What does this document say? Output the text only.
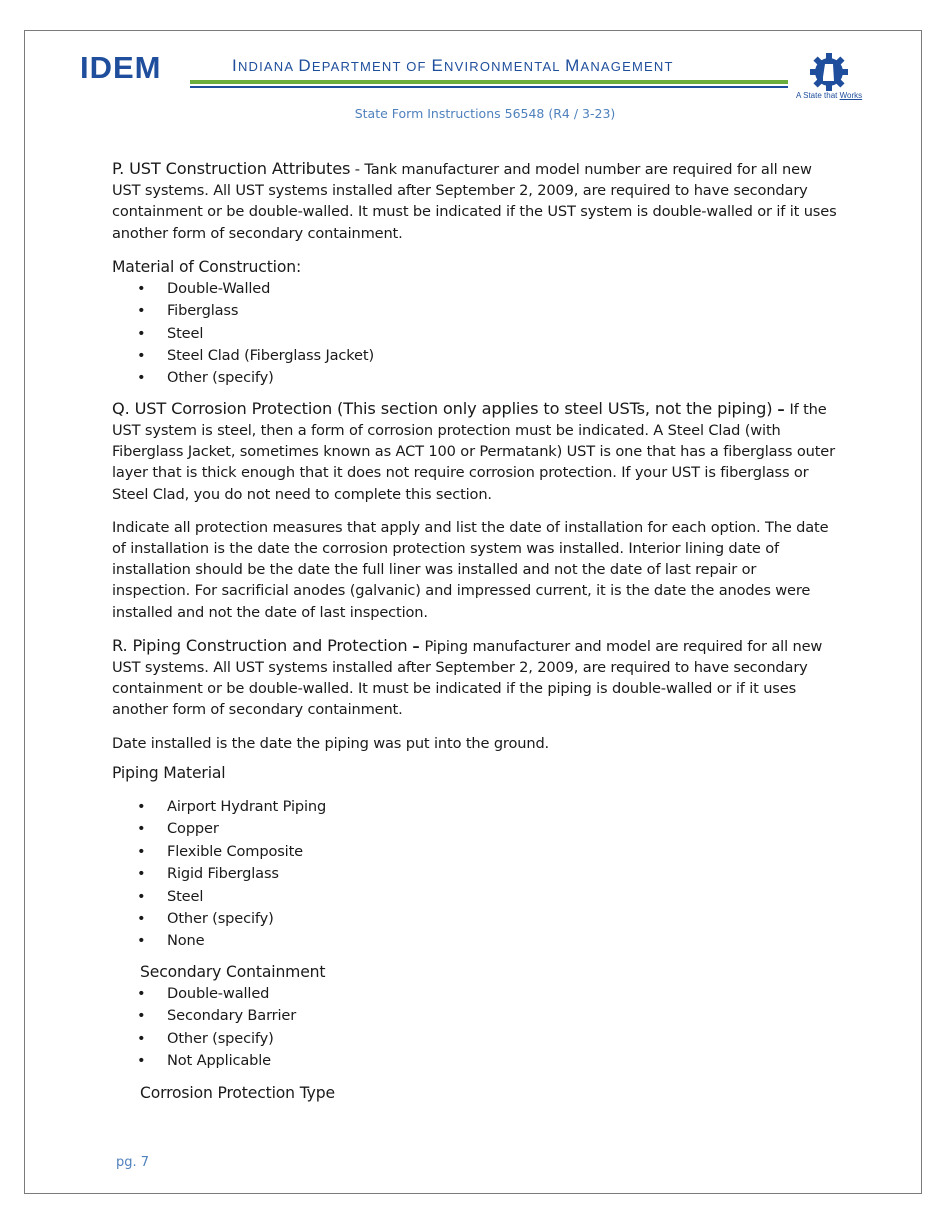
IDEM	INDIANA DEPARTMENT OF ENVIRONMENTAL MANAGEMENT
A State that Works
State Form Instructions 56548 (R4 / 3-23)

P. UST Construction Attributes - Tank manufacturer and model number are required for all new UST systems. All UST systems installed after September 2, 2009, are required to have secondary containment or be double-walled. It must be indicated if the UST system is double-walled or if it uses another form of secondary containment.

Material of Construction:

• Double-Walled
• Fiberglass
• Steel
• Steel Clad (Fiberglass Jacket)
• Other (specify)

Q. UST Corrosion Protection (This section only applies to steel USTs, not the piping) – If the UST system is steel, then a form of corrosion protection must be indicated. A Steel Clad (with Fiberglass Jacket, sometimes known as ACT 100 or Permatank) UST is one that has a fiberglass outer layer that is thick enough that it does not require corrosion protection. If your UST is fiberglass or Steel Clad, you do not need to complete this section.

Indicate all protection measures that apply and list the date of installation for each option. The date of installation is the date the corrosion protection system was installed. Interior lining date of installation should be the date the full liner was installed and not the date of last repair or inspection. For sacrificial anodes (galvanic) and impressed current, it is the date the anodes were installed and not the date of last inspection.

R. Piping Construction and Protection – Piping manufacturer and model are required for all new UST systems. All UST systems installed after September 2, 2009, are required to have secondary containment or be double-walled. It must be indicated if the piping is double-walled or if it uses another form of secondary containment.

Date installed is the date the piping was put into the ground.

Piping Material

• Airport Hydrant Piping
• Copper
• Flexible Composite
• Rigid Fiberglass
• Steel
• Other (specify)
• None

Secondary Containment

• Double-walled
• Secondary Barrier
• Other (specify)
• Not Applicable

Corrosion Protection Type

pg. 7
